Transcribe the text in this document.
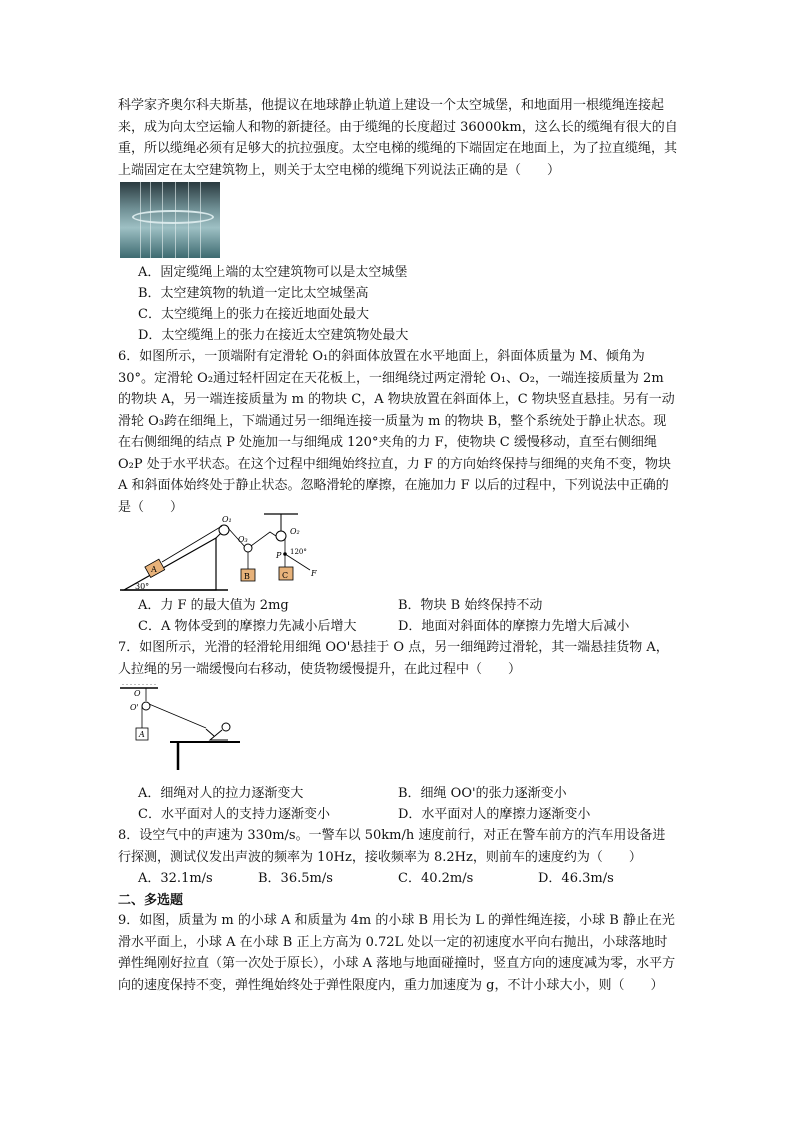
科学家齐奥尔科夫斯基，他提议在地球静止轨道上建设一个太空城堡，和地面用一根缆绳连接起来，成为向太空运输人和物的新捷径。由于缆绳的长度超过 36000km，这么长的缆绳有很大的自重，所以缆绳必须有足够大的抗拉强度。太空电梯的缆绳的下端固定在地面上，为了拉直缆绳，其上端固定在太空建筑物上，则关于太空电梯的缆绳下列说法正确的是（　　）

A．固定缆绳上端的太空建筑物可以是太空城堡
B．太空建筑物的轨道一定比太空城堡高
C．太空缆绳上的张力在接近地面处最大
D．太空缆绳上的张力在接近太空建筑物处最大

6．如图所示，一顶端附有定滑轮 O₁的斜面体放置在水平地面上，斜面体质量为 M、倾角为 30°。定滑轮 O₂通过轻杆固定在天花板上，一细绳绕过两定滑轮 O₁、O₂，一端连接质量为 2m 的物块 A，另一端连接质量为 m 的物块 C，A 物块放置在斜面体上，C 物块竖直悬挂。另有一动滑轮 O₃跨在细绳上，下端通过另一细绳连接一质量为 m 的物块 B，整个系统处于静止状态。现在右侧细绳的结点 P 处施加一与细绳成 120°夹角的力 F，使物块 C 缓慢移动，直至右侧细绳 O₂P 处于水平状态。在这个过程中细绳始终拉直，力 F 的方向始终保持与细绳的夹角不变，物块 A 和斜面体始终处于静止状态。忽略滑轮的摩擦，在施加力 F 以后的过程中，下列说法中正确的是（　　）

30°
A
B	C
O₁
O₂
O₃
P
F
120°
A．力 F 的最大值为 2mg	B．物块 B 始终保持不动
C．A 物体受到的摩擦力先减小后增大	D．地面对斜面体的摩擦力先增大后减小

7．如图所示，光滑的轻滑轮用细绳 OO'悬挂于 O 点，另一细绳跨过滑轮，其一端悬挂货物 A，人拉绳的另一端缓慢向右移动，使货物缓慢提升，在此过程中（　　）

O
O'
A
A．细绳对人的拉力逐渐变大	B．细绳 OO'的张力逐渐变小
C．水平面对人的支持力逐渐变小	D．水平面对人的摩擦力逐渐变小

8．设空气中的声速为 330m/s。一警车以 50km/h 速度前行，对正在警车前方的汽车用设备进行探测，测试仪发出声波的频率为 10Hz，接收频率为 8.2Hz，则前车的速度约为（　　）

A．32.1m/s	B．36.5m/s	C．40.2m/s	D．46.3m/s
二、多选题

9．如图，质量为 m 的小球 A 和质量为 4m 的小球 B 用长为 L 的弹性绳连接，小球 B 静止在光滑水平面上，小球 A 在小球 B 正上方高为 0.72L 处以一定的初速度水平向右抛出，小球落地时弹性绳刚好拉直（第一次处于原长），小球 A 落地与地面碰撞时，竖直方向的速度减为零，水平方向的速度保持不变，弹性绳始终处于弹性限度内，重力加速度为 g，不计小球大小，则（　　）
